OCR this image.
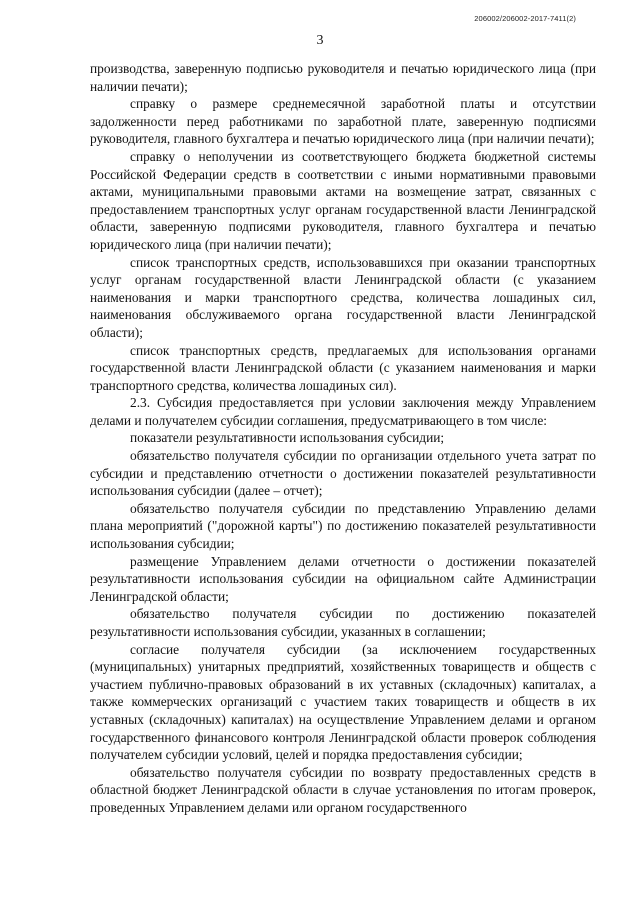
206002/206002-2017-7411(2)
3

производства, заверенную подписью руководителя и печатью юридического лица (при наличии печати);

справку о размере среднемесячной заработной платы и отсутствии задолженности перед работниками по заработной плате, заверенную подписями руководителя, главного бухгалтера и печатью юридического лица (при наличии печати);

справку о неполучении из соответствующего бюджета бюджетной системы Российской Федерации средств в соответствии с иными нормативными правовыми актами, муниципальными правовыми актами на возмещение затрат, связанных с предоставлением транспортных услуг органам государственной власти Ленинградской области, заверенную подписями руководителя, главного бухгалтера и печатью юридического лица (при наличии печати);

список транспортных средств, использовавшихся при оказании транспортных услуг органам государственной власти Ленинградской области (с указанием наименования и марки транспортного средства, количества лошадиных сил, наименования обслуживаемого органа государственной власти Ленинградской области);

список транспортных средств, предлагаемых для использования органами государственной власти Ленинградской области (с указанием наименования и марки транспортного средства, количества лошадиных сил).

2.3. Субсидия предоставляется при условии заключения между Управлением делами и получателем субсидии соглашения, предусматривающего в том числе:

показатели результативности использования субсидии;

обязательство получателя субсидии по организации отдельного учета затрат по субсидии и представлению отчетности о достижении показателей результативности использования субсидии (далее – отчет);

обязательство получателя субсидии по представлению Управлению делами плана мероприятий ("дорожной карты") по достижению показателей результативности использования субсидии;

размещение Управлением делами отчетности о достижении показателей результативности использования субсидии на официальном сайте Администрации Ленинградской области;

обязательство получателя субсидии по достижению показателей результативности использования субсидии, указанных в соглашении;

согласие получателя субсидии (за исключением государственных (муниципальных) унитарных предприятий, хозяйственных товариществ и обществ с участием публично-правовых образований в их уставных (складочных) капиталах, а также коммерческих организаций с участием таких товариществ и обществ в их уставных (складочных) капиталах) на осуществление Управлением делами и органом государственного финансового контроля Ленинградской области проверок соблюдения получателем субсидии условий, целей и порядка предоставления субсидии;

обязательство получателя субсидии по возврату предоставленных средств в областной бюджет Ленинградской области в случае установления по итогам проверок, проведенных Управлением делами или органом государственного
